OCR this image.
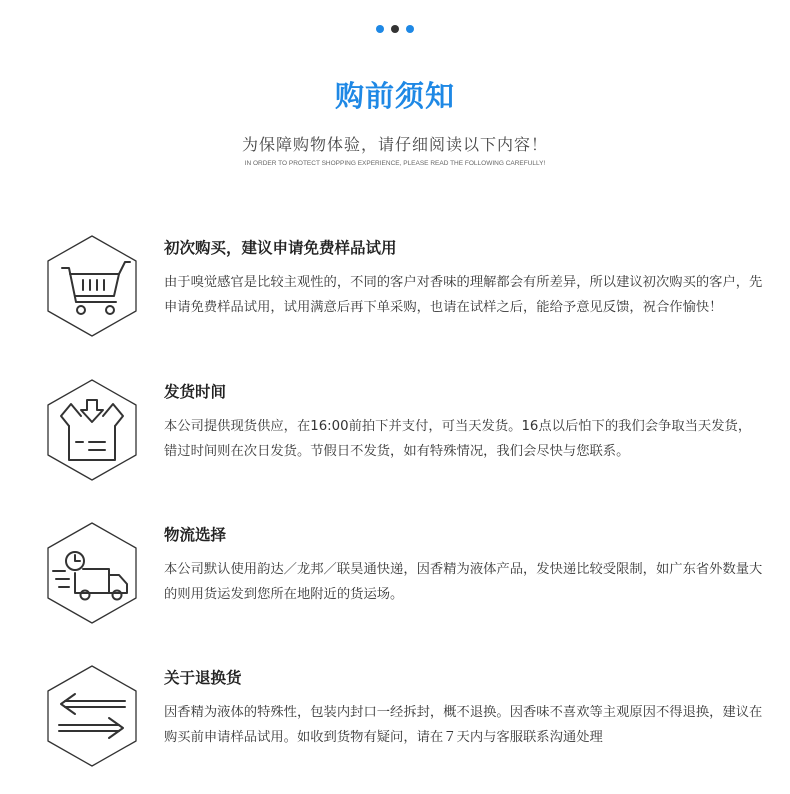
购前须知
为保障购物体验，请仔细阅读以下内容！
IN ORDER TO PROTECT SHOPPING EXPERIENCE, PLEASE READ THE FOLLOWING CAREFULLY!
初次购买，建议申请免费样品试用
由于嗅觉感官是比较主观性的，不同的客户对香味的理解都会有所差异，所以建议初次购买的客户，先申请免费样品试用，试用满意后再下单采购，也请在试样之后，能给予意见反馈，祝合作愉快！
发货时间
本公司提供现货供应，在16:00前拍下并支付，可当天发货。16点以后怕下的我们会争取当天发货，错过时间则在次日发货。节假日不发货，如有特殊情况，我们会尽快与您联系。
物流选择
本公司默认使用韵达／龙邦／联昊通快递，因香精为液体产品，发快递比较受限制，如广东省外数量大的则用货运发到您所在地附近的货运场。
关于退换货
因香精为液体的特殊性，包装内封口一经拆封，概不退换。因香味不喜欢等主观原因不得退换，建议在购买前申请样品试用。如收到货物有疑问，请在７天内与客服联系沟通处理
